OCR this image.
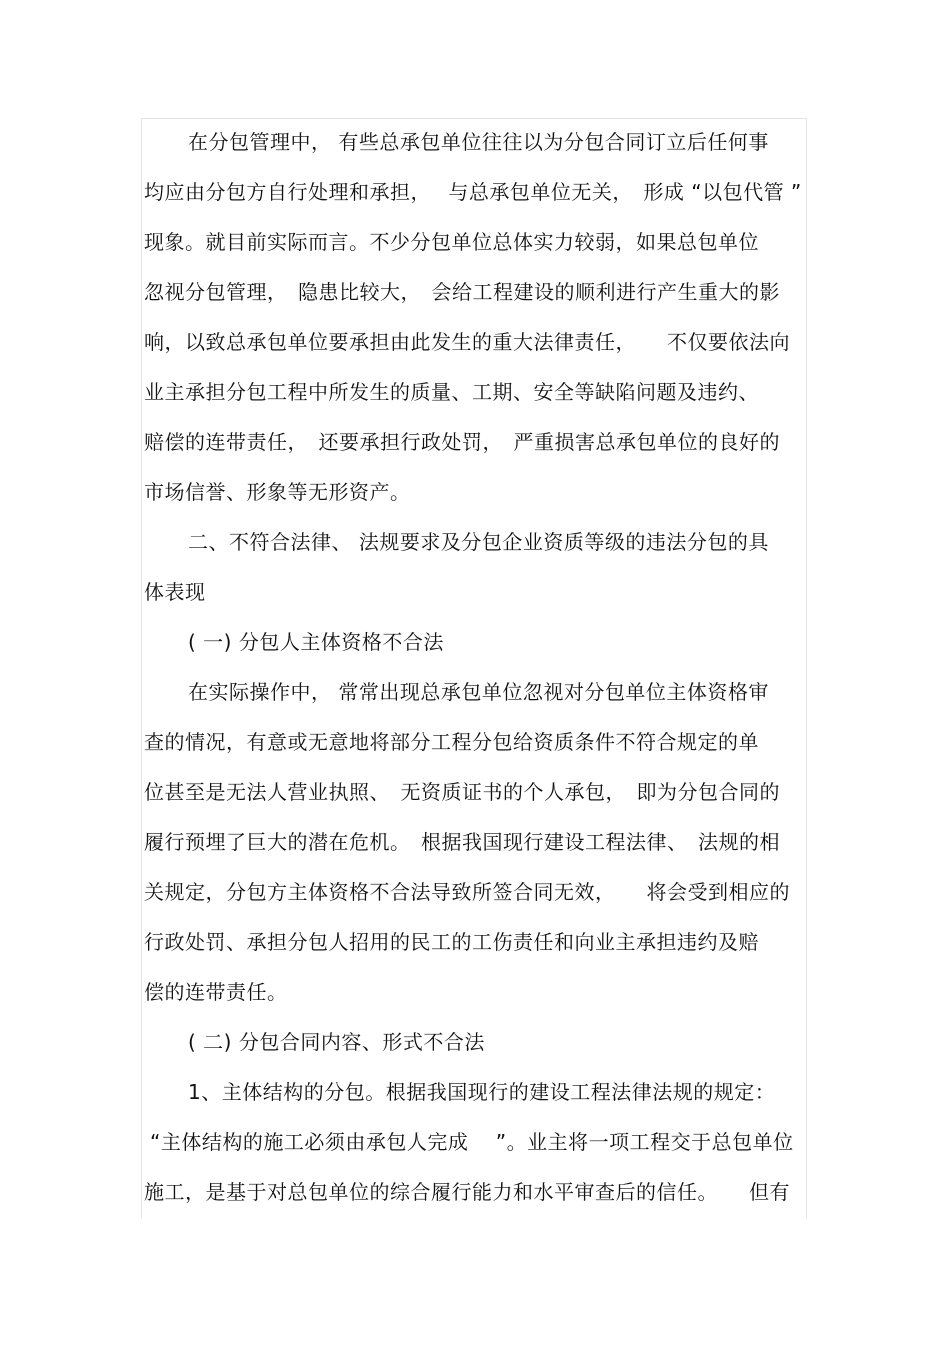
在分包管理中， 有些总承包单位往往以为分包合同订立后任何事
均应由分包方自行处理和承担，　 与总承包单位无关，　形成 “以包代管 ”
现象。就目前实际而言。不少分包单位总体实力较弱，如果总包单位
忽视分包管理，　隐患比较大，　会给工程建设的顺利进行产生重大的影
响，以致总承包单位要承担由此发生的重大法律责任，　　不仅要依法向
业主承担分包工程中所发生的质量、工期、安全等缺陷问题及违约、
赔偿的连带责任，　还要承担行政处罚，　严重损害总承包单位的良好的
市场信誉、形象等无形资产。
二、不符合法律、 法规要求及分包企业资质等级的违法分包的具
体表现
( 一) 分包人主体资格不合法
在实际操作中， 常常出现总承包单位忽视对分包单位主体资格审
查的情况，有意或无意地将部分工程分包给资质条件不符合规定的单
位甚至是无法人营业执照、　无资质证书的个人承包，　即为分包合同的
履行预埋了巨大的潜在危机。　根据我国现行建设工程法律、　法规的相
关规定，分包方主体资格不合法导致所签合同无效，　　将会受到相应的
行政处罚、承担分包人招用的民工的工伤责任和向业主承担违约及赔
偿的连带责任。
( 二) 分包合同内容、形式不合法
1、主体结构的分包。根据我国现行的建设工程法律法规的规定：
“主体结构的施工必须由承包人完成　 ”。业主将一项工程交于总包单位
施工，是基于对总包单位的综合履行能力和水平审查后的信任。　　但有
